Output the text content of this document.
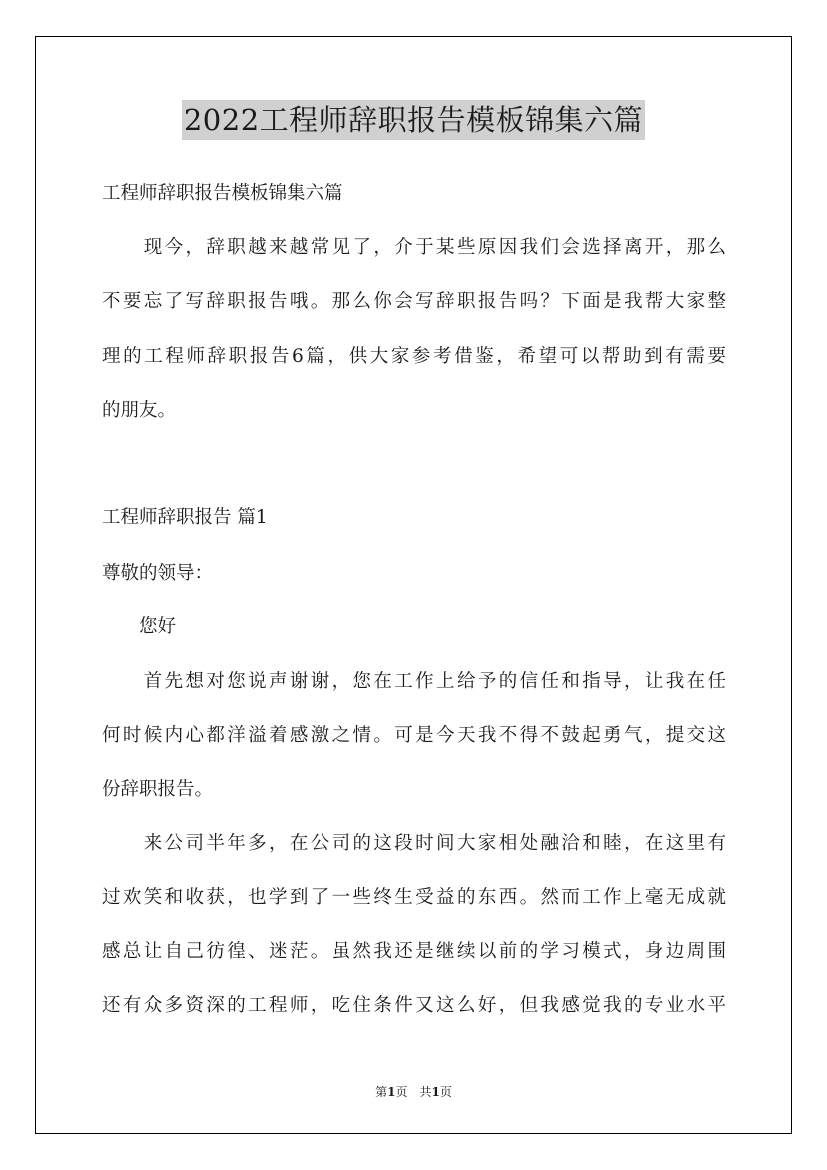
2022工程师辞职报告模板锦集六篇
工程师辞职报告模板锦集六篇
　　现今，辞职越来越常见了，介于某些原因我们会选择离开，那么
不要忘了写辞职报告哦。那么你会写辞职报告吗？下面是我帮大家整
理的工程师辞职报告6篇，供大家参考借鉴，希望可以帮助到有需要
的朋友。
工程师辞职报告 篇1
尊敬的领导：
　　您好
　　首先想对您说声谢谢，您在工作上给予的信任和指导，让我在任
何时候内心都洋溢着感激之情。可是今天我不得不鼓起勇气，提交这
份辞职报告。
　　来公司半年多，在公司的这段时间大家相处融洽和睦，在这里有
过欢笑和收获，也学到了一些终生受益的东西。然而工作上毫无成就
感总让自己彷徨、迷茫。虽然我还是继续以前的学习模式，身边周围
还有众多资深的工程师，吃住条件又这么好，但我感觉我的专业水平
第1页　共1页
